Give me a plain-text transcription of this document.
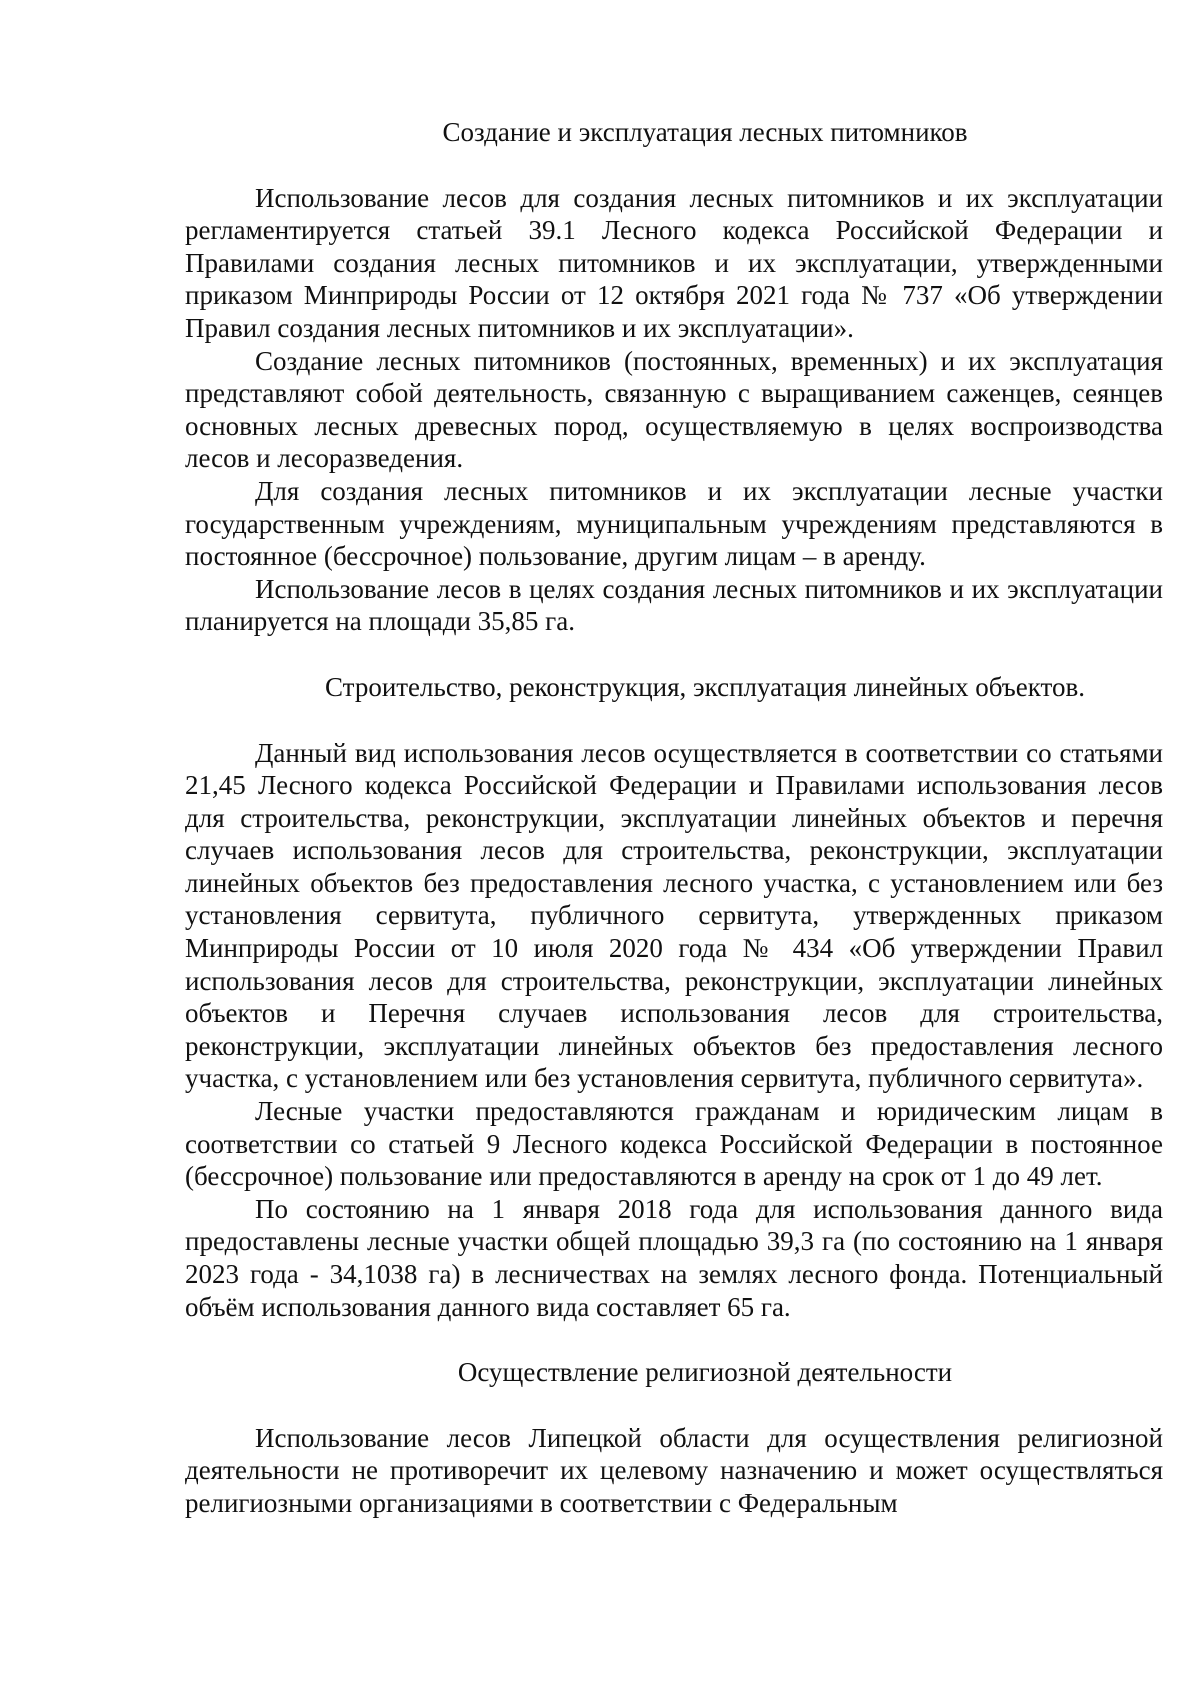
Создание и эксплуатация лесных питомников

Использование лесов для создания лесных питомников и их эксплуатации регламентируется статьей 39.1 Лесного кодекса Российской Федерации и Правилами создания лесных питомников и их эксплуатации, утвержденными приказом Минприроды России от 12 октября 2021 года № 737 «Об утверждении Правил создания лесных питомников и их эксплуатации».

Создание лесных питомников (постоянных, временных) и их эксплуатация представляют собой деятельность, связанную с выращиванием саженцев, сеянцев основных лесных древесных пород, осуществляемую в целях воспроизводства лесов и лесоразведения.

Для создания лесных питомников и их эксплуатации лесные участки государственным учреждениям, муниципальным учреждениям представляются в постоянное (бессрочное) пользование, другим лицам – в аренду.

Использование лесов в целях создания лесных питомников и их эксплуатации планируется на площади 35,85 га.

Строительство, реконструкция, эксплуатация линейных объектов.

Данный вид использования лесов осуществляется в соответствии со статьями 21,45 Лесного кодекса Российской Федерации и Правилами использования лесов для строительства, реконструкции, эксплуатации линейных объектов и перечня случаев использования лесов для строительства, реконструкции, эксплуатации линейных объектов без предоставления лесного участка, с установлением или без установления сервитута, публичного сервитута, утвержденных приказом Минприроды России от 10 июля 2020 года № 434 «Об утверждении Правил использования лесов для строительства, реконструкции, эксплуатации линейных объектов и Перечня случаев использования лесов для строительства, реконструкции, эксплуатации линейных объектов без предоставления лесного участка, с установлением или без установления сервитута, публичного сервитута».

Лесные участки предоставляются гражданам и юридическим лицам в соответствии со статьей 9 Лесного кодекса Российской Федерации в постоянное (бессрочное) пользование или предоставляются в аренду на срок от 1 до 49 лет.

По состоянию на 1 января 2018 года для использования данного вида предоставлены лесные участки общей площадью 39,3 га (по состоянию на 1 января 2023 года - 34,1038 га) в лесничествах на землях лесного фонда. Потенциальный объём использования данного вида составляет 65 га.

Осуществление религиозной деятельности

Использование лесов Липецкой области для осуществления религиозной деятельности не противоречит их целевому назначению и может осуществляться религиозными организациями в соответствии с Федеральным
